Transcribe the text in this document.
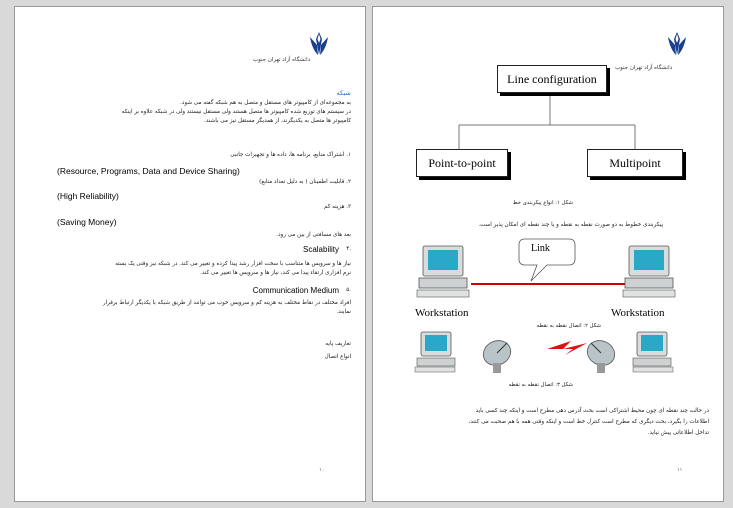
دانشگاه آزاد تهران جنوب
شبکه
به مجموعه‌ای از کامپیوتر های مستقل و متصل به هم شبکه گفته می شود.
در سیستم های توزیع شده کامپیوتر ها متصل هستند ولی مستقل نیستند ولی در شبکه علاوه بر اینکه
کامپیوتر ها متصل به یکدیگرند، از همدیگر مستقل نیز می باشند.
۱. اشتراک منابع، برنامه ها، داده ها و تجهیزات جانبی
(Resource, Programs, Data and Device Sharing)
۲. قابلیت اطمینان ( به دلیل تعداد منابع)
(High Reliability)
۳. هزینه کم
(Saving Money)
بعد های مسافتی از بین می رود.
Scalability ۴.
نیاز ها و سرویس ها متناسب با سخت افزار رشد پیدا کرده و تغییر می کند. در شبکه نیز وقتی یک بسته
نرم افزاری ارتقاء پیدا می کند، نیاز ها و سرویس ها تغییر می کند.
Communication Medium ۵.
افراد مختلف در نقاط مختلف به هزینه کم و سرویس خوب می توانند از طریق شبکه با یکدیگر ارتباط برقرار
نمایند.
تعاریف پایه
انواع اتصال
۱۰
دانشگاه آزاد تهران جنوب
Line configuration
Point-to-point	Multipoint
شکل ۱: انواع پیکربندی خط
پیکربندی خطوط به دو صورت نقطه به نقطه و یا چند نقطه ای امکان پذیر است.
Link
Workstation	Workstation
شکل ۲: اتصال نقطه به نقطه
شکل ۳: اتصال نقطه به نقطه
در حالت چند نقطه ای چون محیط اشتراکی است بحث آدرس دهی مطرح است و اینکه چند کسی باید
اطلاعات را بگیرد، بحث دیگری که مطرح است کنترل خط است و اینکه وقتی همه با هم صحبت می کنند،
تداخل اطلاعاتی پیش نیاید.
۱۱
